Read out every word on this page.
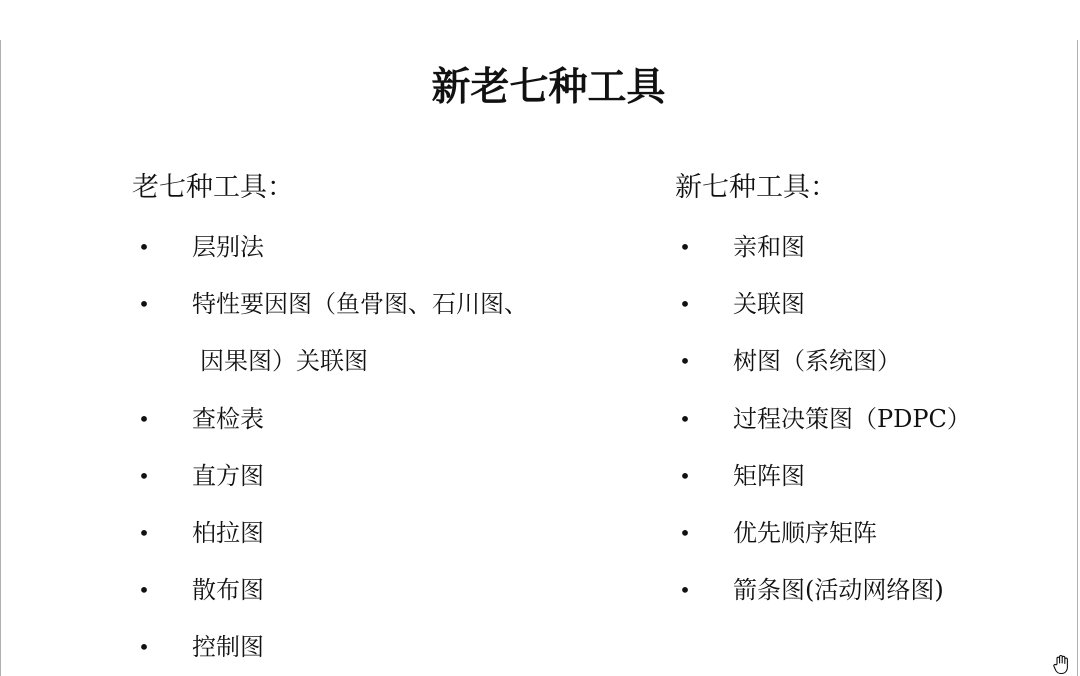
新老七种工具
老七种工具：
• 层别法
• 特性要因图（鱼骨图、石川图、
因果图）关联图
• 查检表
• 直方图
• 柏拉图
• 散布图
• 控制图
新七种工具：
• 亲和图
• 关联图
• 树图（系统图）
• 过程决策图（PDPC）
• 矩阵图
• 优先顺序矩阵
• 箭条图(活动网络图)
